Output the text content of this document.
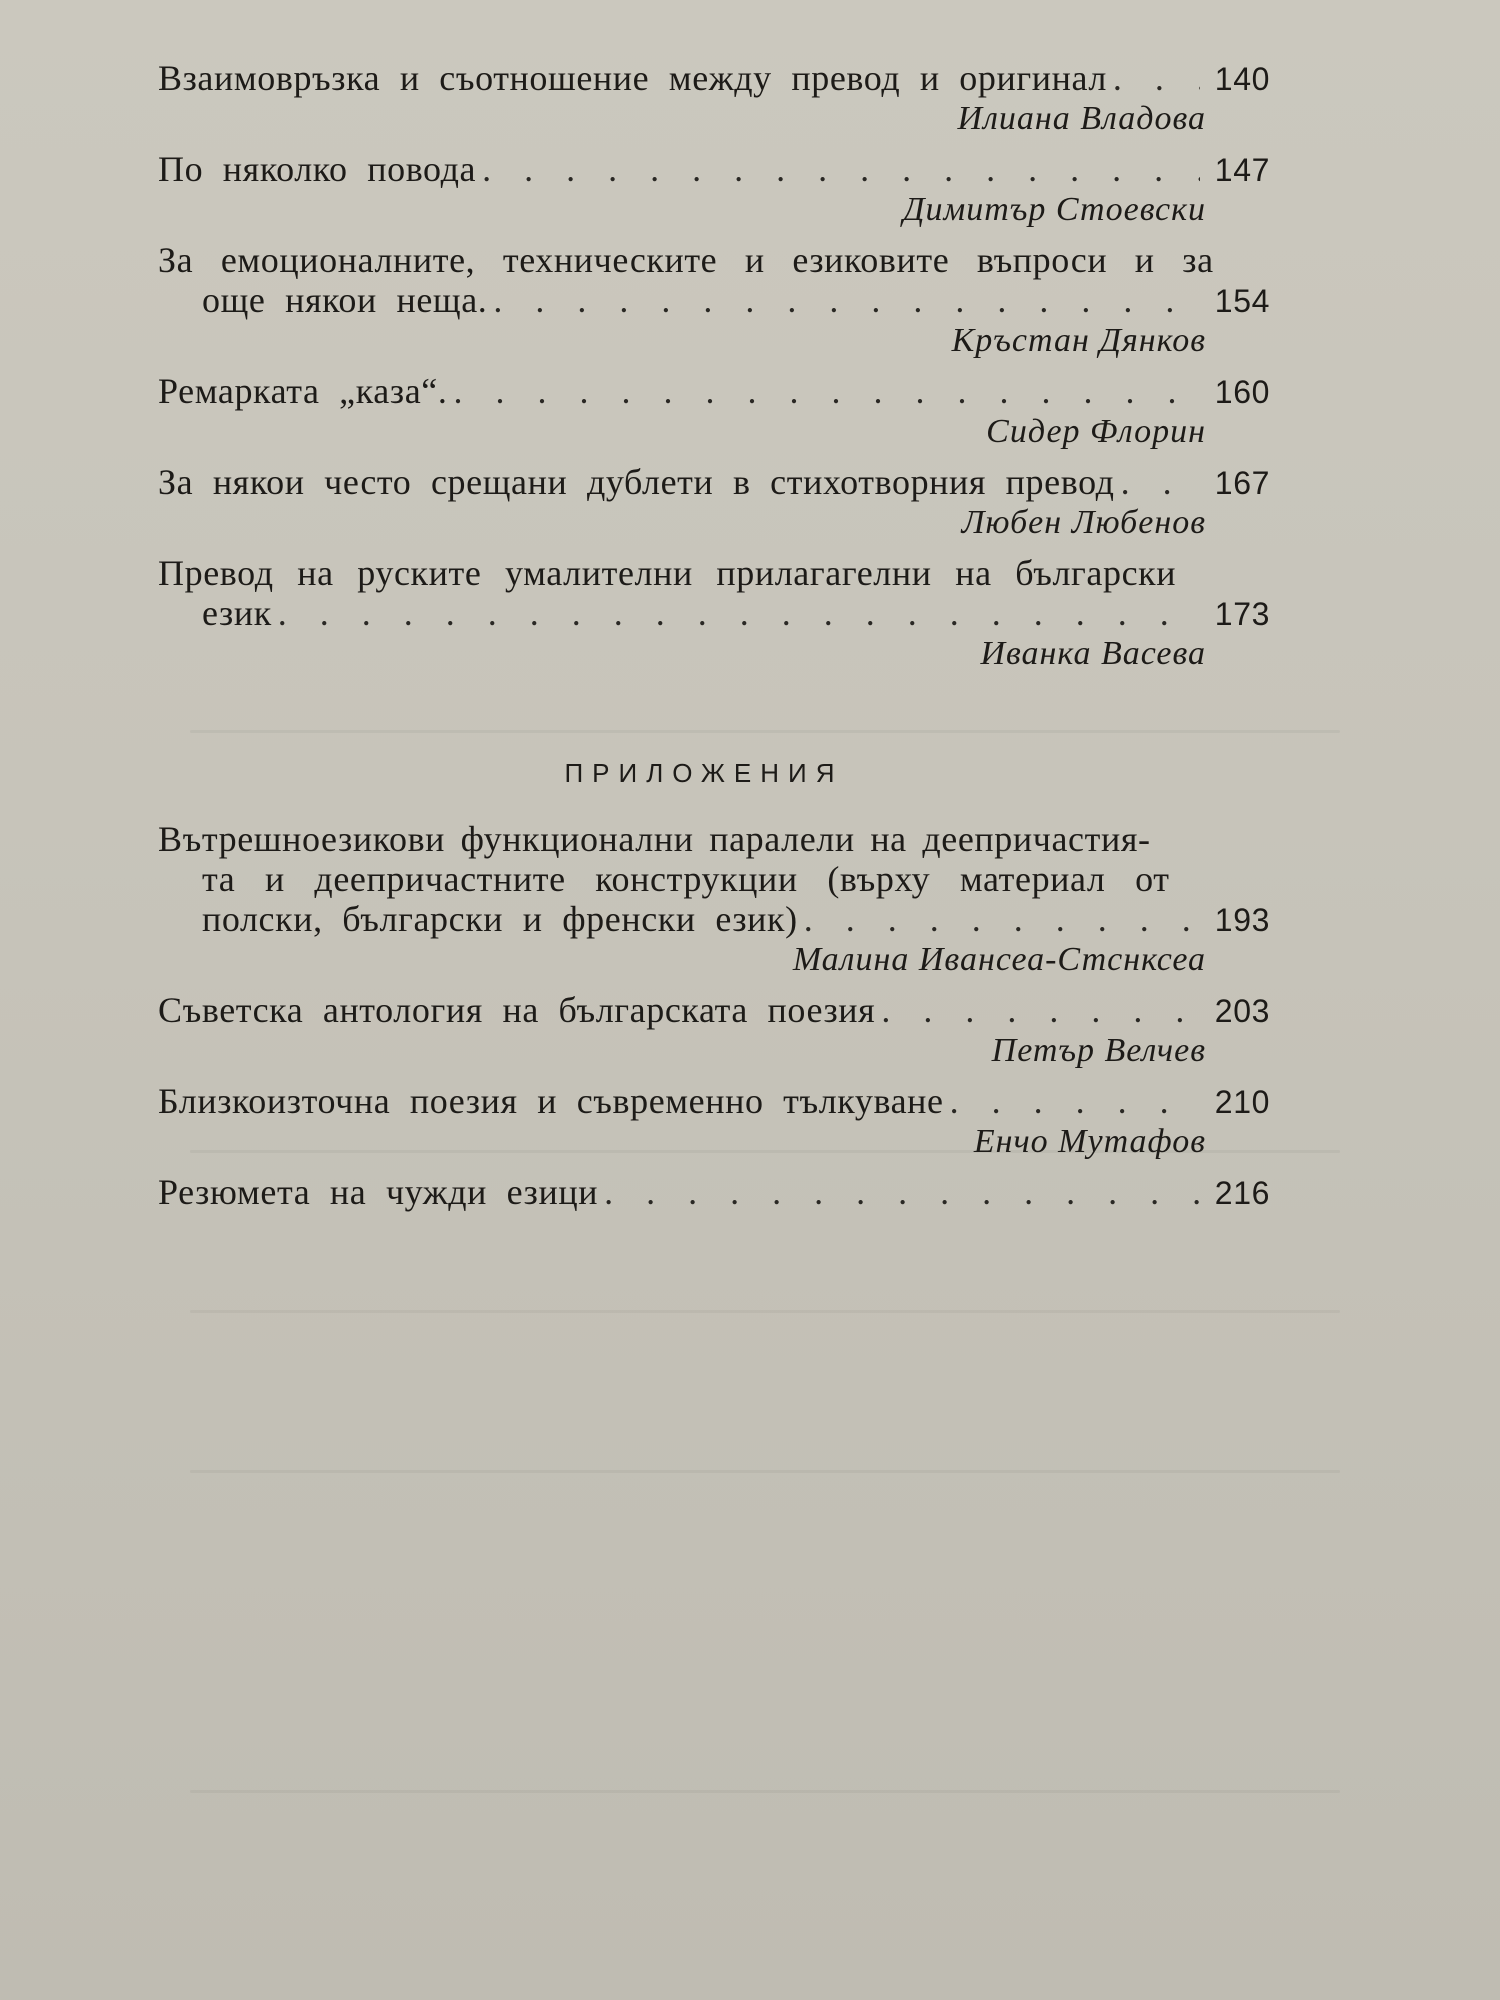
Взаимовръзка и съотношение между превод и оригинал . . .	140
Илиана Владова
По няколко повода . . .	147
Димитър Стоевски
За емоционалните, техническите и езиковите въпроси и за
още някои неща. . . .	154
Кръстан Дянков
Ремарката „каза“. . . .	160
Сидер Флорин
За някои често срещани дублети в стихотворния превод . . .	167
Любен Любенов
Превод на руските умалителни прилагагелни на български
език . . .	173
Иванка Васева
ПРИЛОЖЕНИЯ
Вътрешноезикови функционални паралели на деепричастия-
та и деепричастните конструкции (върху материал от
полски, български и френски език) . . .	193
Малина Ивансеа-Стснксеа
Съветска антология на българската поезия . . .	203
Петър Велчев
Близкоизточна поезия и съвременно тълкуване . . .	210
Енчо Мутафов
Резюмета на чужди езици . . .	216
